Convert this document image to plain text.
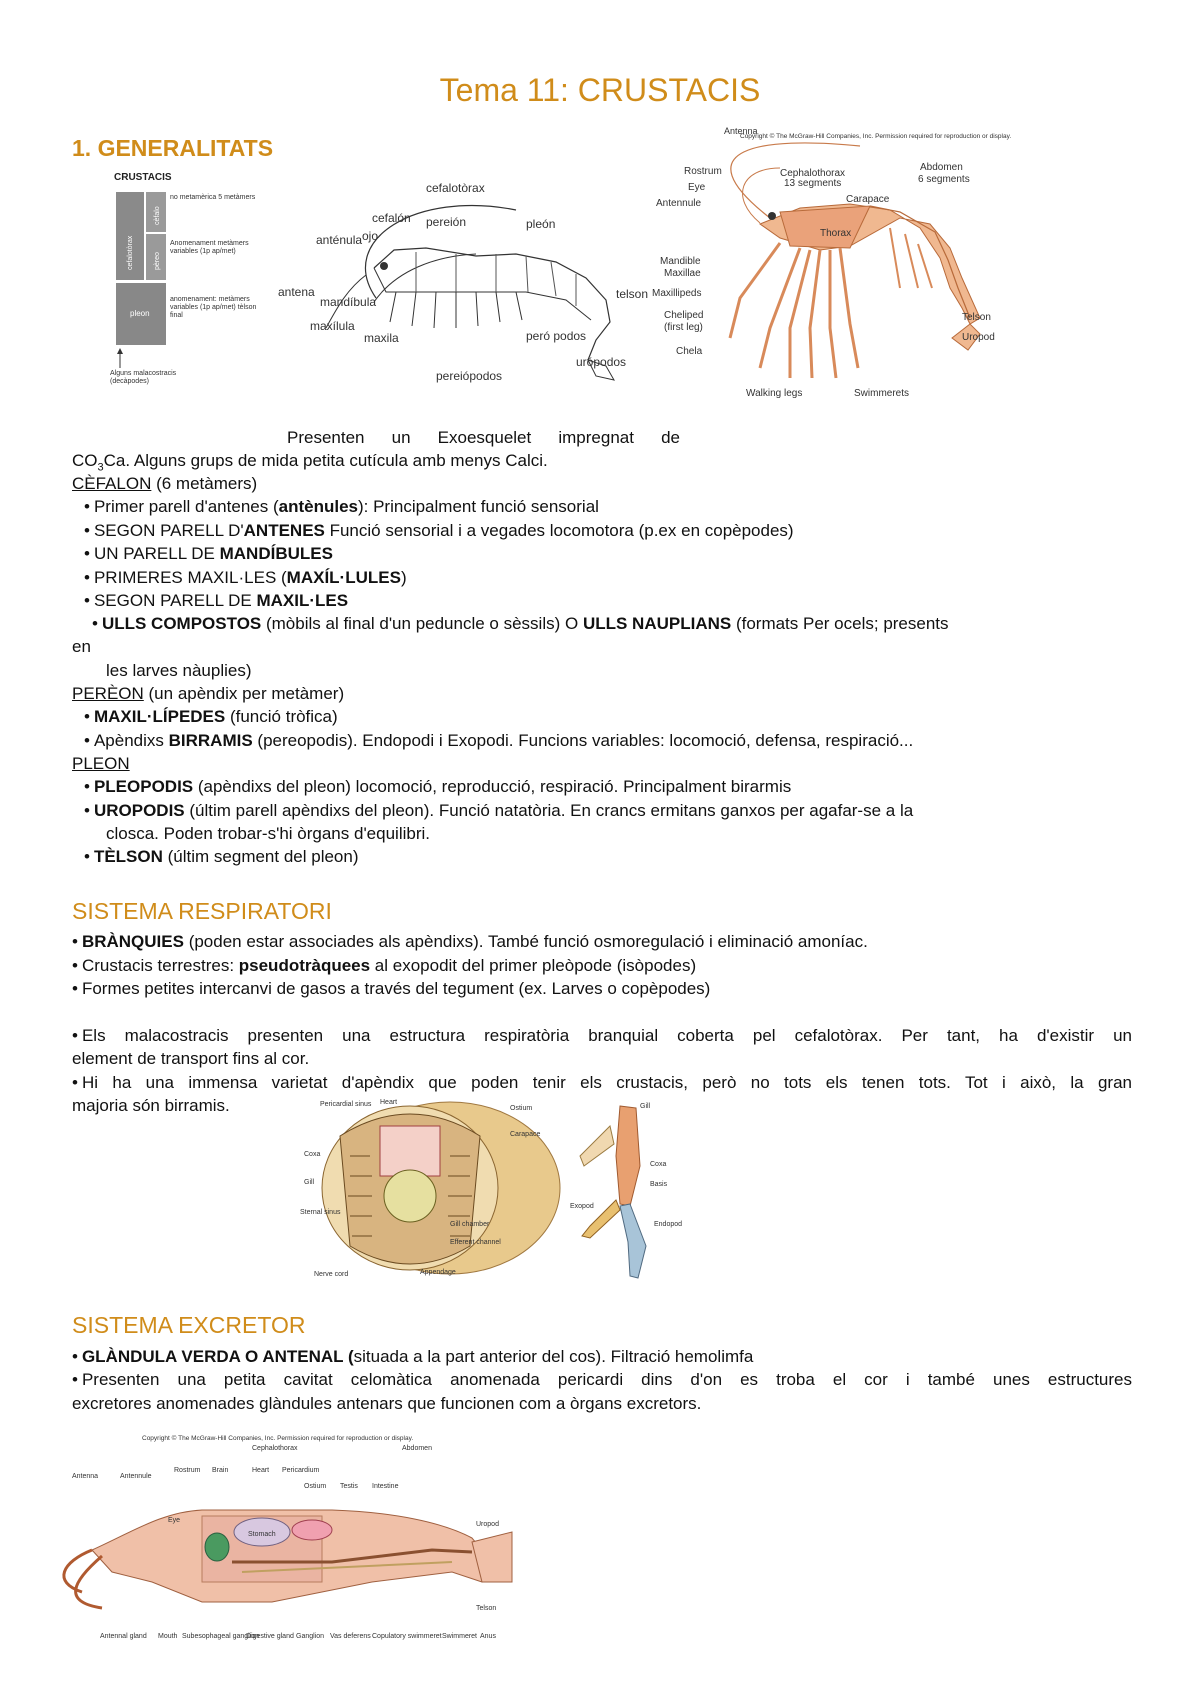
Tema 11: CRUSTACIS
1. GENERALITATS
CRUSTACIS
cefalotòrax
cèfalo
pèreo
pleon
no metamèrica 5 metàmers
Anomenament metàmers variables (1p ap/met)
anomenament: metàmers variables (1p ap/met) tèlson final
Alguns malacostracis (decàpodes)
cefalotòrax
cefalón pereión	pleón
anténula ojo
antena
mandíbula
maxílula
maxila
telson
peró podos
pereiópodos
urópodos
Copyright © The McGraw-Hill Companies, Inc. Permission required for reproduction or display.
Antenna
Cephalothorax
13 segments
Abdomen
6 segments
Rostrum
Eye
Antennule	Carapace
Thorax
Mandible
Maxillae
Maxillipeds
Cheliped
(first leg)
Chela
Walking legs	Swimmerets
Telson
Uropod
Presenten un Exoesquelet impregnat de
$CO_3Ca$. Alguns grups de mida petita cutícula amb menys Calci.
CÈFALON (6 metàmers)
• Primer parell d'antenes (antènules): Principalment funció sensorial
• SEGON PARELL D'ANTENES Funció sensorial i a vegades locomotora (p.ex en copèpodes)
• UN PARELL DE MANDÍBULES
• PRIMERES MAXIL·LES (MAXÍL·LULES)
• SEGON PARELL DE MAXIL·LES
• ULLS COMPOSTOS (mòbils al final d'un peduncle o sèssils) O ULLS NAUPLIANS (formats Per ocels; presents
en
les larves nàuplies)
PERÈON (un apèndix per metàmer)
• MAXIL·LÍPEDES (funció tròfica)
• Apèndixs BIRRAMIS (pereopodis). Endopodi i Exopodi. Funcions variables: locomoció, defensa, respiració...
PLEON
• PLEOPODIS (apèndixs del pleon) locomoció, reproducció, respiració. Principalment birarmis
• UROPODIS (últim parell apèndixs del pleon). Funció natatòria. En crancs ermitans ganxos per agafar-se a la
closca. Poden trobar-s'hi òrgans d'equilibri.
• TÈLSON (últim segment del pleon)
SISTEMA RESPIRATORI
• BRÀNQUIES (poden estar associades als apèndixs). També funció osmoregulació i eliminació amoníac.
• Crustacis terrestres: pseudotràquees al exopodit del primer pleòpode (isòpodes)
• Formes petites intercanvi de gasos a través del tegument (ex. Larves o copèpodes)
• Els malacostracis presenten una estructura respiratòria branquial coberta pel cefalotòrax. Per tant, ha d'existir un
element de transport fins al cor.
• Hi ha una immensa varietat d'apèndix que poden tenir els crustacis, però no tots els tenen tots. Tot i això, la gran
majoria són birramis.	Pericardial sinus Heart
Ostium
Carapace
Coxa
Gill
Sternal sinus
Nerve cord
Gill chamber
Efferent channel
Appendage
Gill
Coxa
Basis
Exopod
Endopod
SISTEMA EXCRETOR
• GLÀNDULA VERDA O ANTENAL (situada a la part anterior del cos). Filtració hemolimfa
• Presenten una petita cavitat celomàtica anomenada pericardi dins d'on es troba el cor i també unes estructures
excretores anomenades glàndules antenars que funcionen com a òrgans excretors.
Copyright © The McGraw-Hill Companies, Inc. Permission required for reproduction or display.
Cephalothorax	Abdomen
Antenna	Antennule
Rostrum Brain	Heart Pericardium
Ostium Testis Intestine
Eye
Stomach
Uropod
Telson
Antennal gland Mouth Subesophageal ganglion
Digestive gland Ganglion Vas deferens Copulatory swimmeret Swimmeret Anus
